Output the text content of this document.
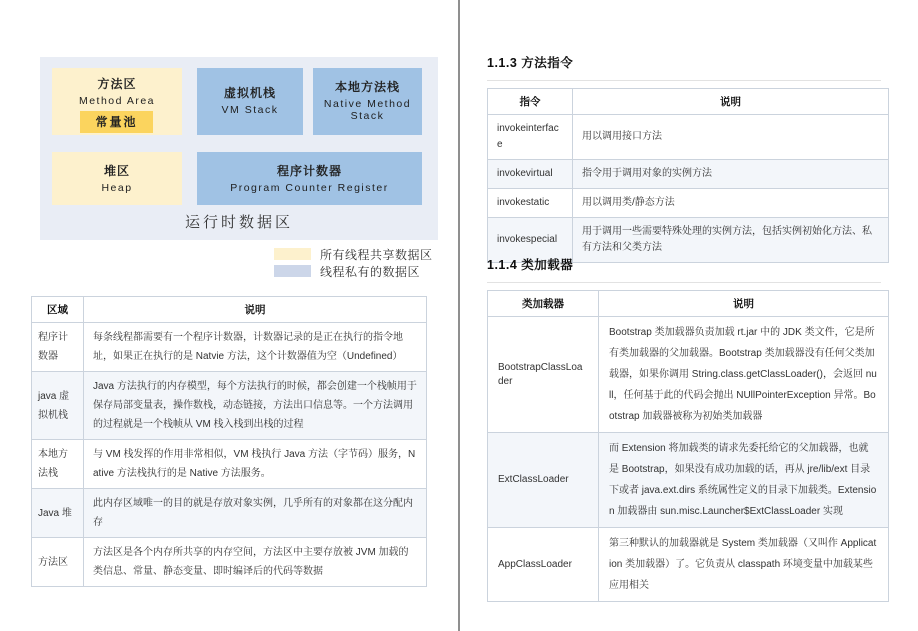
方法区
Method Area
常量池
虚拟机栈
VM Stack
本地方法栈
Native Method Stack
堆区
Heap
程序计数器
Program Counter Register
运行时数据区
所有线程共享数据区
线程私有的数据区
区域	说明
程序计数器	每条线程都需要有一个程序计数器，计数器记录的是正在执行的指令地址，如果正在执行的是 Natvie 方法，这个计数器值为空（Undefined）
java 虚拟机栈	Java 方法执行的内存模型，每个方法执行的时候，都会创建一个栈帧用于保存局部变量表，操作数栈，动态链接，方法出口信息等。一个方法调用的过程就是一个栈帧从 VM 栈入栈到出栈的过程
本地方法栈	与 VM 栈发挥的作用非常相似，VM 栈执行 Java 方法（字节码）服务，Native 方法栈执行的是 Native 方法服务。
Java 堆	此内存区域唯一的目的就是存放对象实例，几乎所有的对象都在这分配内存
方法区	方法区是各个内存所共享的内存空间，方法区中主要存放被 JVM 加载的类信息、常量、静态变量、即时编译后的代码等数据
1.1.3 方法指令
指令	说明
invokeinterface	用以调用接口方法
invokevirtual	指令用于调用对象的实例方法
invokestatic	用以调用类/静态方法
invokespecial	用于调用一些需要特殊处理的实例方法，包括实例初始化方法、私有方法和父类方法
1.1.4 类加载器
类加载器	说明
BootstrapClassLoader	Bootstrap 类加载器负责加载 rt.jar 中的 JDK 类文件，它是所有类加载器的父加载器。Bootstrap 类加载器没有任何父类加载器，如果你调用 String.class.getClassLoader()，会返回 null，任何基于此的代码会抛出 NUllPointerException 异常。Bootstrap 加载器被称为初始类加载器
ExtClassLoader	而 Extension 将加载类的请求先委托给它的父加载器，也就是 Bootstrap，如果没有成功加载的话，再从 jre/lib/ext 目录下或者 java.ext.dirs 系统属性定义的目录下加载类。Extension 加载器由 sun.misc.Launcher$ExtClassLoader 实现
AppClassLoader	第三种默认的加载器就是 System 类加载器（又叫作 Application 类加载器）了。它负责从 classpath 环境变量中加载某些应用相关
